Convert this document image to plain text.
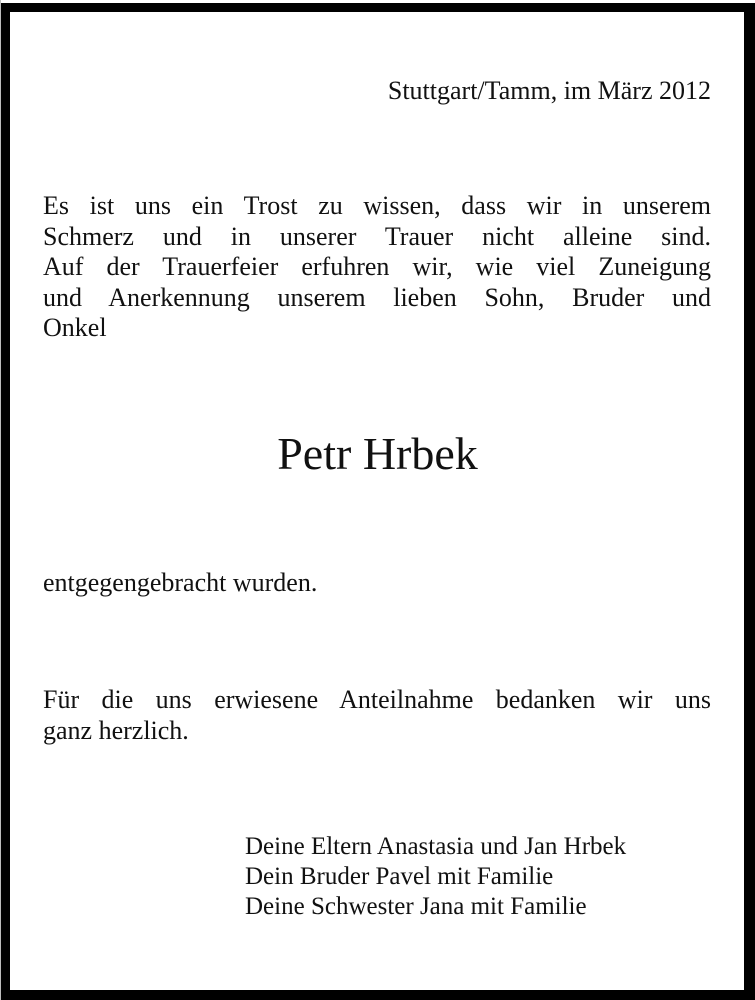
Stuttgart/Tamm, im März 2012
Es ist uns ein Trost zu wissen, dass wir in unserem
Schmerz und in unserer Trauer nicht alleine sind.
Auf der Trauerfeier erfuhren wir, wie viel Zuneigung
und Anerkennung unserem lieben Sohn, Bruder und
Onkel
Petr Hrbek
entgegengebracht wurden.
Für die uns erwiesene Anteilnahme bedanken wir uns
ganz herzlich.
Deine Eltern Anastasia und Jan Hrbek
Dein Bruder Pavel mit Familie
Deine Schwester Jana mit Familie
